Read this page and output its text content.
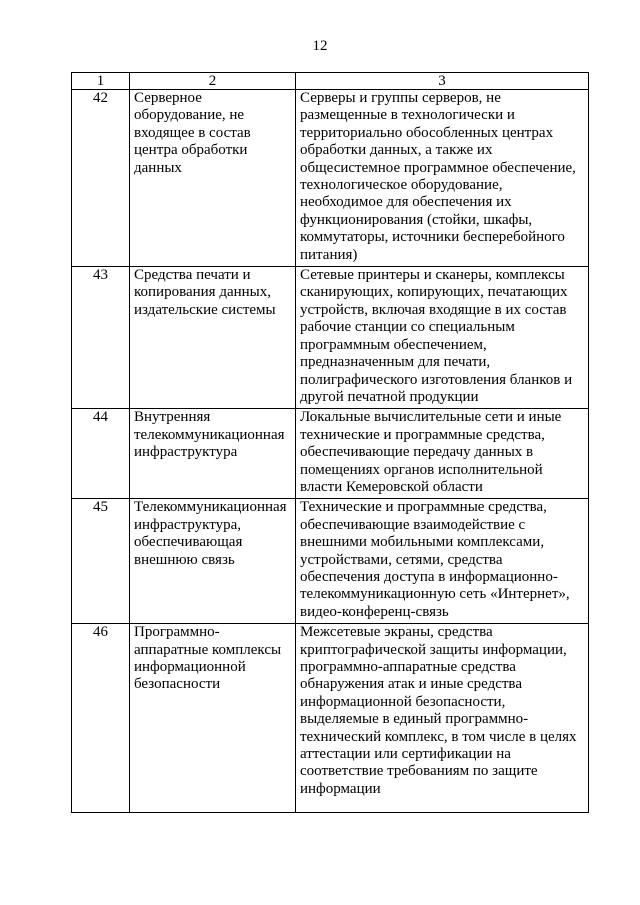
12
1	2	3
42	Серверное оборудование, не входящее в состав центра обработки данных	Серверы и группы серверов, не размещенные в технологически и территориально обособленных центрах обработки данных, а также их общесистемное программное обеспечение, технологическое оборудование, необходимое для обеспечения их функционирования (стойки, шкафы, коммутаторы, источники бесперебойного питания)
43	Средства печати и копирования данных, издательские системы	Сетевые принтеры и сканеры, комплексы сканирующих, копирующих, печатающих устройств, включая входящие в их состав рабочие станции со специальным программным обеспечением, предназначенным для печати, полиграфического изготовления бланков и другой печатной продукции
44	Внутренняя телекоммуникационная инфраструктура	Локальные вычислительные сети и иные технические и программные средства, обеспечивающие передачу данных в помещениях органов исполнительной власти Кемеровской области
45	Телекоммуникационная инфраструктура, обеспечивающая внешнюю связь	Технические и программные средства, обеспечивающие взаимодействие с внешними мобильными комплексами, устройствами, сетями, средства обеспечения доступа в информационно-телекоммуникационную сеть «Интернет», видео-конференц-связь
46	Программно-аппаратные комплексы информационной безопасности	Межсетевые экраны, средства криптографической защиты информации, программно-аппаратные средства обнаружения атак и иные средства информационной безопасности, выделяемые в единый программно-технический комплекс, в том числе в целях аттестации или сертификации на соответствие требованиям по защите информации
